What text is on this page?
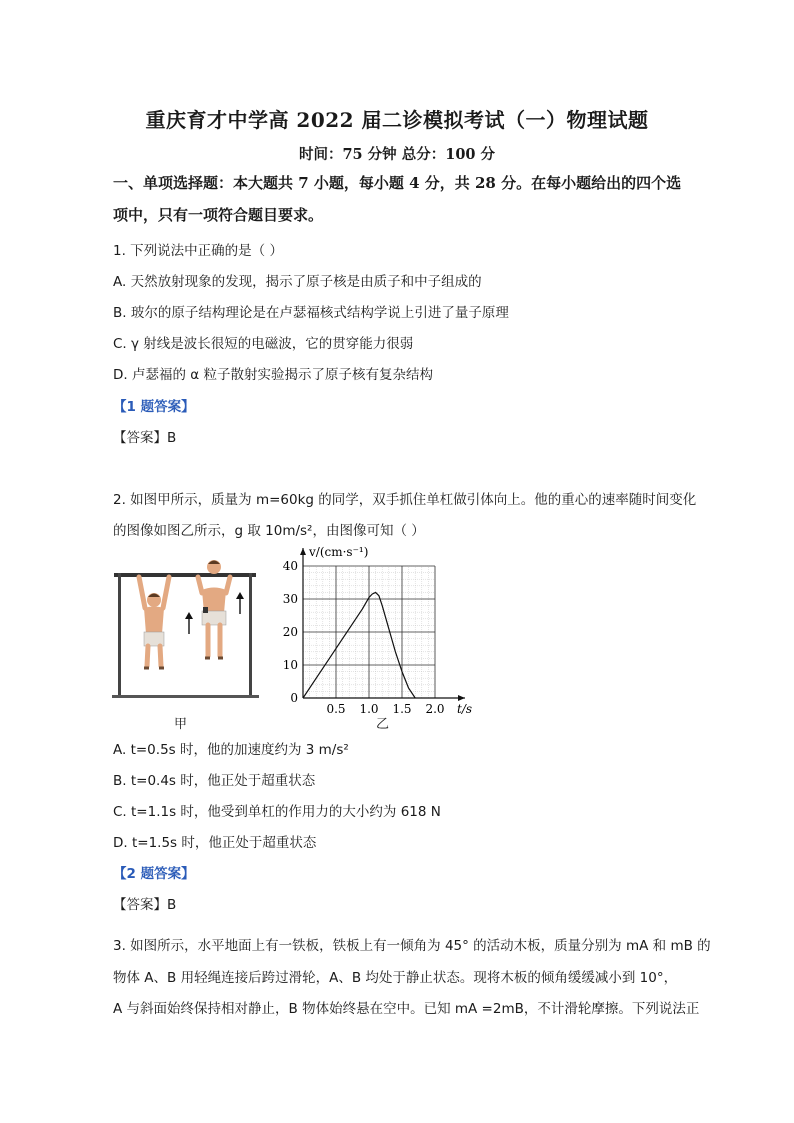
重庆育才中学高 2022 届二诊模拟考试（一）物理试题
时间：75 分钟 总分：100 分
一、单项选择题：本大题共 7 小题，每小题 4 分，共 28 分。在每小题给出的四个选
项中，只有一项符合题目要求。
1. 下列说法中正确的是（ ）
A. 天然放射现象的发现，揭示了原子核是由质子和中子组成的
B. 玻尔的原子结构理论是在卢瑟福核式结构学说上引进了量子原理
C. γ 射线是波长很短的电磁波，它的贯穿能力很弱
D. 卢瑟福的 α 粒子散射实验揭示了原子核有复杂结构
【1 题答案】
【答案】B
2. 如图甲所示，质量为 m=60kg 的同学，双手抓住单杠做引体向上。他的重心的速率随时间变化
的图像如图乙所示，g 取 10m/s²，由图像可知（ ）
甲
0.5 1.0 1.5 2.0
10
20
30
40
0
t/s
v/(cm·s⁻¹)
乙
A. t=0.5s 时，他的加速度约为 3 m/s²
B. t=0.4s 时，他正处于超重状态
C. t=1.1s 时，他受到单杠的作用力的大小约为 618 N
D. t=1.5s 时，他正处于超重状态
【2 题答案】
【答案】B
3. 如图所示，水平地面上有一铁板，铁板上有一倾角为 45° 的活动木板，质量分别为 mA 和 mB 的
物体 A、B 用轻绳连接后跨过滑轮，A、B 均处于静止状态。现将木板的倾角缓缓减小到 10°，
A 与斜面始终保持相对静止，B 物体始终悬在空中。已知 mA =2mB，不计滑轮摩擦。下列说法正
